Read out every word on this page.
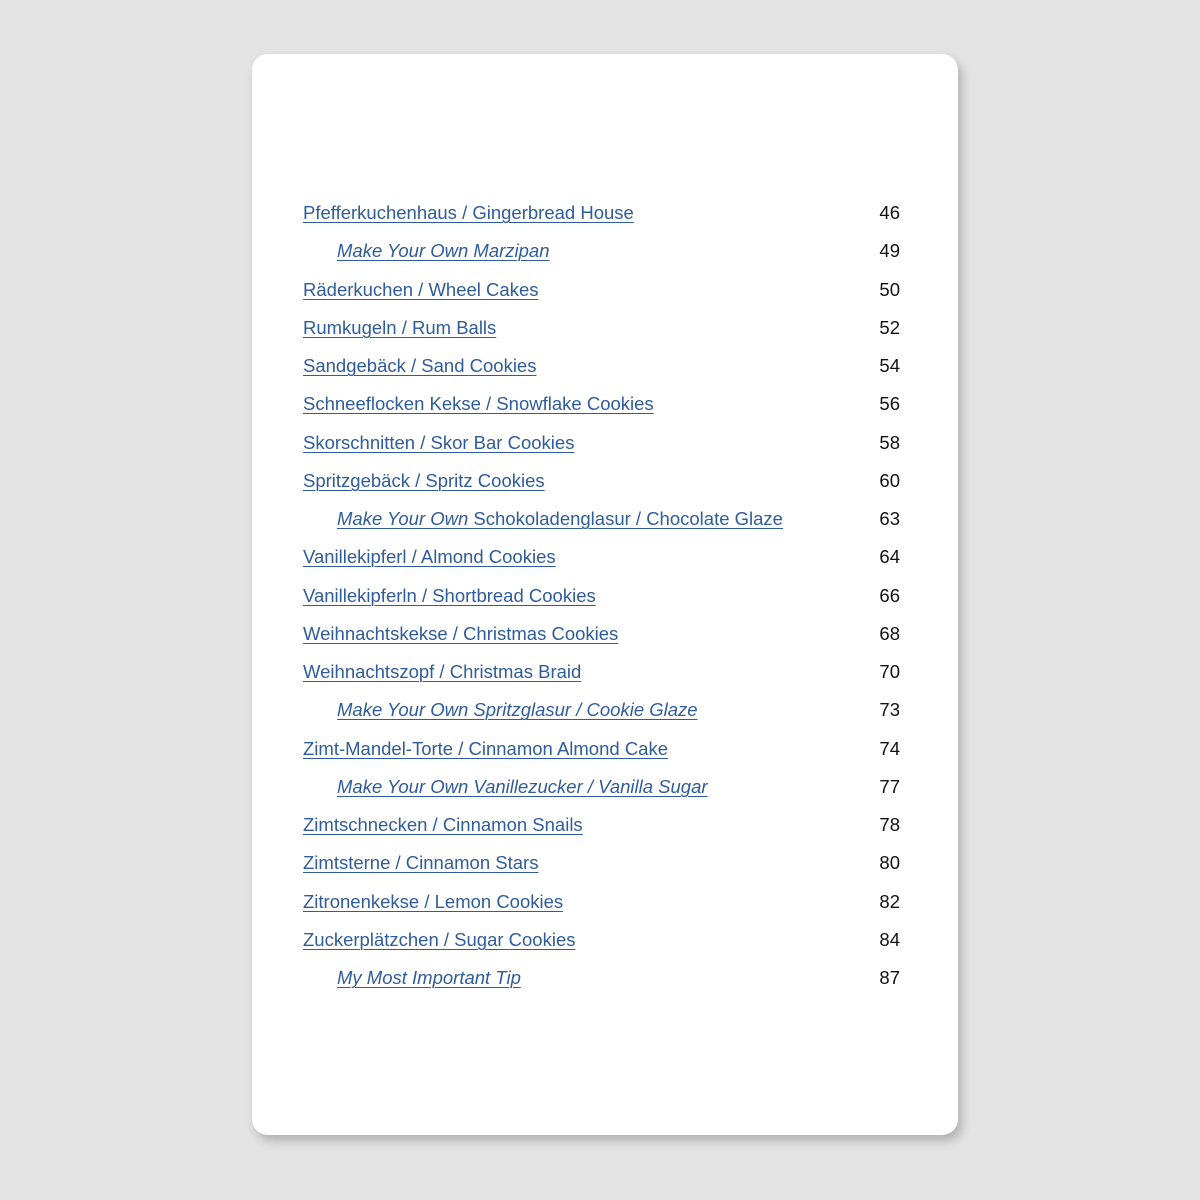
Pfefferkuchenhaus / Gingerbread House	46
Make Your Own Marzipan	49
Räderkuchen / Wheel Cakes	50
Rumkugeln / Rum Balls	52
Sandgebäck / Sand Cookies	54
Schneeflocken Kekse / Snowflake Cookies	56
Skorschnitten / Skor Bar Cookies	58
Spritzgebäck / Spritz Cookies	60
Make Your Own Schokoladenglasur / Chocolate Glaze	63
Vanillekipferl / Almond Cookies	64
Vanillekipferln / Shortbread Cookies	66
Weihnachtskekse / Christmas Cookies	68
Weihnachtszopf / Christmas Braid	70
Make Your Own Spritzglasur / Cookie Glaze	73
Zimt-Mandel-Torte / Cinnamon Almond Cake	74
Make Your Own Vanillezucker / Vanilla Sugar	77
Zimtschnecken / Cinnamon Snails	78
Zimtsterne / Cinnamon Stars	80
Zitronenkekse / Lemon Cookies	82
Zuckerplätzchen / Sugar Cookies	84
My Most Important Tip	87
